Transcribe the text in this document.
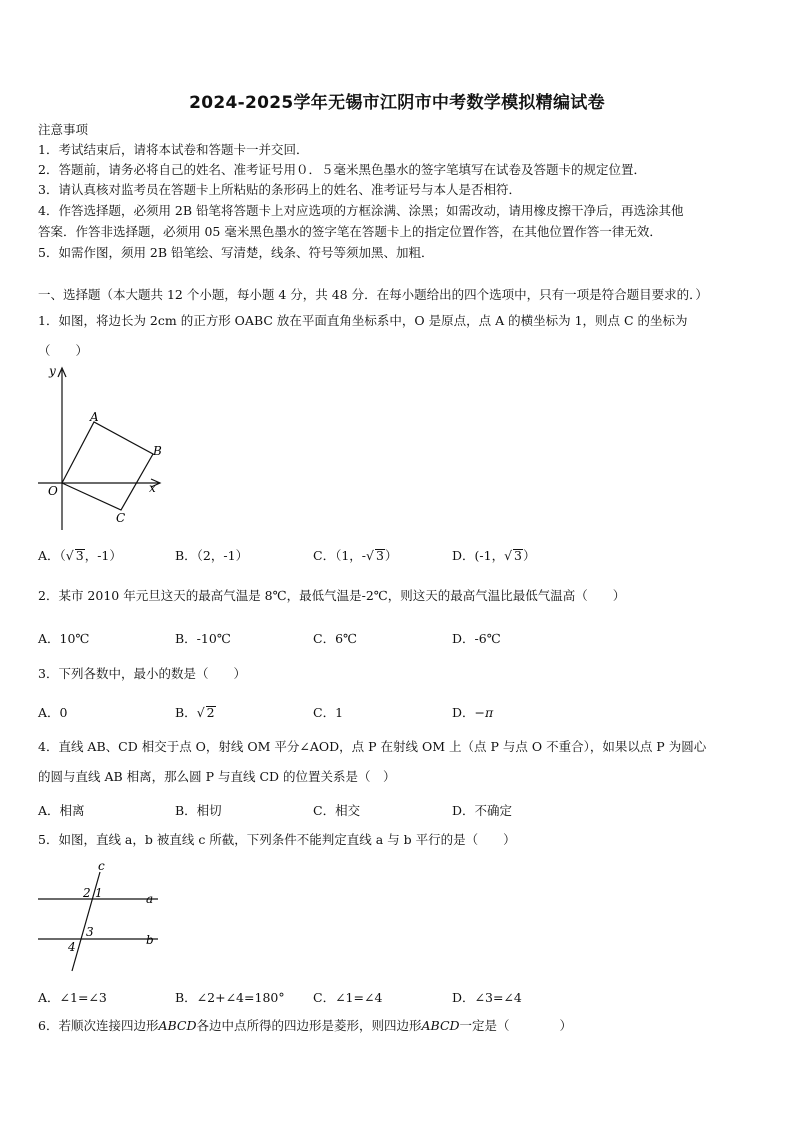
2024-2025学年无锡市江阴市中考数学模拟精编试卷
注意事项
1．考试结束后，请将本试卷和答题卡一并交回．
2．答题前，请务必将自己的姓名、准考证号用０．５毫米黑色墨水的签字笔填写在试卷及答题卡的规定位置．
3．请认真核对监考员在答题卡上所粘贴的条形码上的姓名、准考证号与本人是否相符．
4．作答选择题，必须用 2B 铅笔将答题卡上对应选项的方框涂满、涂黑；如需改动，请用橡皮擦干净后，再选涂其他
答案．作答非选择题，必须用 05 毫米黑色墨水的签字笔在答题卡上的指定位置作答，在其他位置作答一律无效．
5．如需作图，须用 2B 铅笔绘、写清楚，线条、符号等须加黑、加粗．
一、选择题（本大题共 12 个小题，每小题 4 分，共 48 分．在每小题给出的四个选项中，只有一项是符合题目要求的．）
1．如图，将边长为 2cm 的正方形 OABC 放在平面直角坐标系中，O 是原点，点 A 的横坐标为 1，则点 C 的坐标为
（　　）
y
x
O
A
B
C
A．（√ 3，-1）	B．（2，-1）	C．（1，-√ 3）	D．(-1，√ 3）
2．某市 2010 年元旦这天的最高气温是 8℃，最低气温是-2℃，则这天的最高气温比最低气温高（　　）
A．10℃	B．-10℃	C．6℃	D．-6℃
3．下列各数中，最小的数是（　　）
A．0	B．√ 2	C．1	D．−π
4．直线 AB、CD 相交于点 O，射线 OM 平分∠AOD，点 P 在射线 OM 上（点 P 与点 O 不重合），如果以点 P 为圆心
的圆与直线 AB 相离，那么圆 P 与直线 CD 的位置关系是（　）
A．相离	B．相切	C．相交	D．不确定
5．如图，直线 a，b 被直线 c 所截，下列条件不能判定直线 a 与 b 平行的是（　　）
c
a
b
2 1
3
4
A．∠1=∠3	B．∠2+∠4=180° C．∠1=∠4	D．∠3=∠4
6．若顺次连接四边形ABCD各边中点所得的四边形是菱形，则四边形ABCD一定是（　　　　）
